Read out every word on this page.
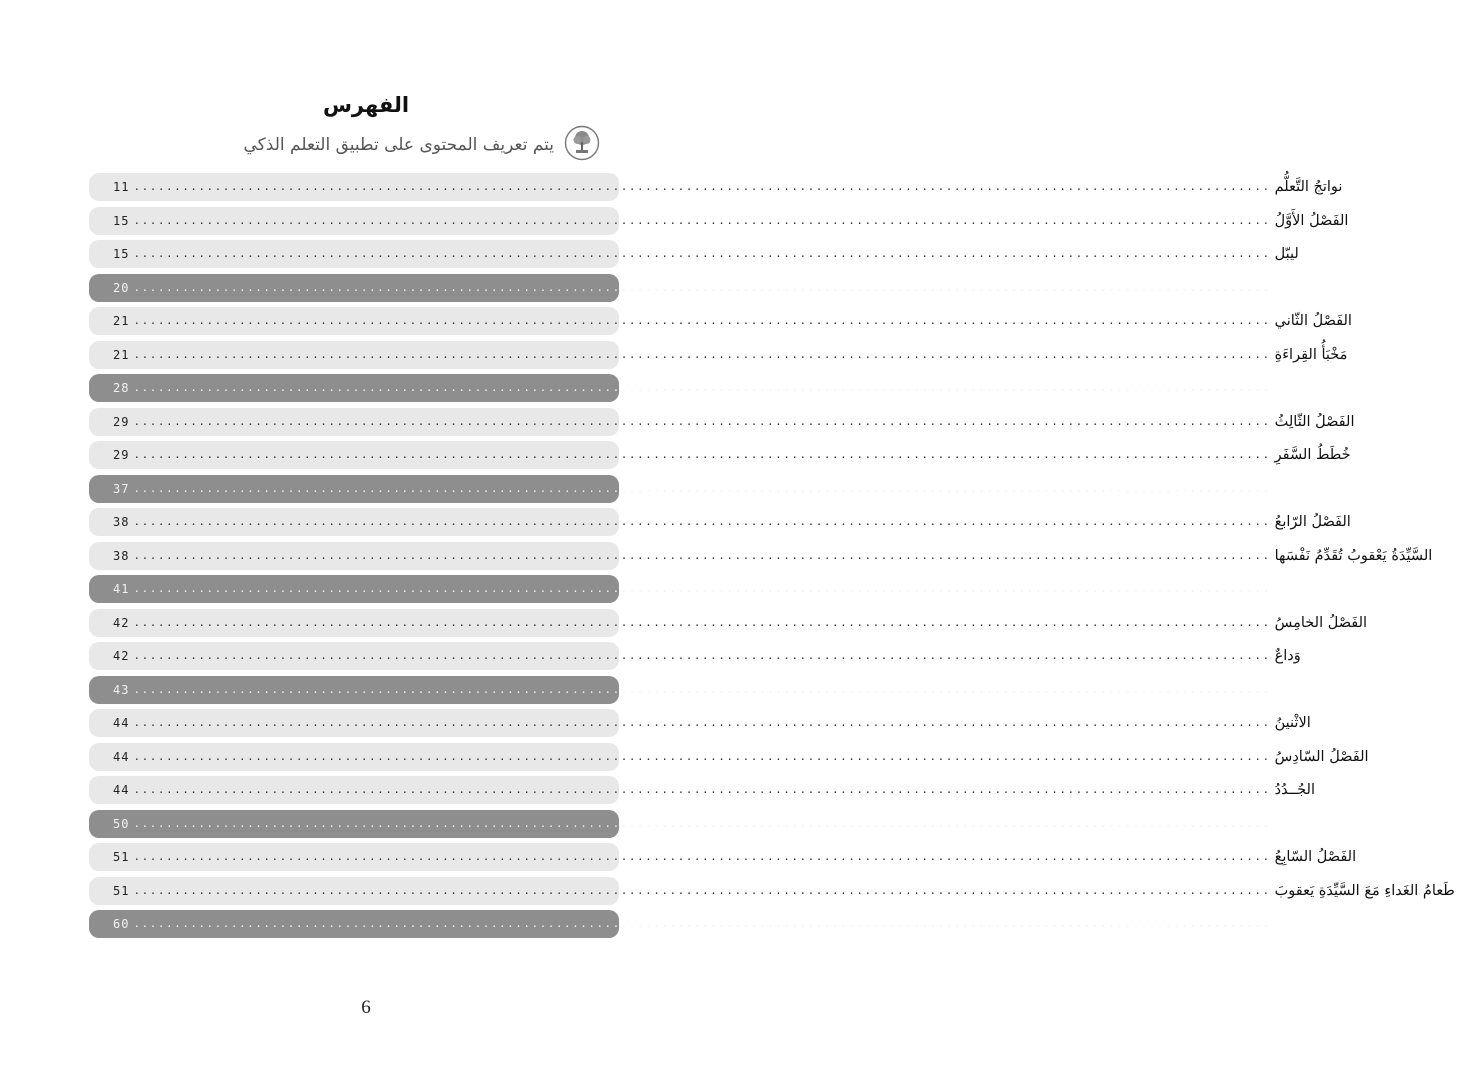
الفهرس
يتم تعريف المحتوى على تطبيق التعلم الذكي
11 ............................................................................................................................................ نواتجُ التَّعلُّم
15 ............................................................................................................................................ الفَصْلُ الأَوَّلُ
15 ............................................................................................................................................ ليبّل
20 ............................................................................................................................................ أسئلةُ الفصل
21 ............................................................................................................................................ الفَصْلُ الثّاني
21 ............................................................................................................................................ مَخْبَأُ القِراءَةِ
28 ............................................................................................................................................ أسئلةُ الفصل
29 ............................................................................................................................................ الفَصْلُ الثّالِثُ
29 ............................................................................................................................................ خُطَطُ السَّفَرِ
37 ............................................................................................................................................ أسئلةُ الفصل
38 ............................................................................................................................................ الفَصْلُ الرّابعُ
38 ............................................................................................................................................ السَّيِّدَةُ يَعْقوبُ تُقَدِّمُ نَفْسَها
41 ............................................................................................................................................ أسئلةُ الفصل
42 ............................................................................................................................................ الفَصْلُ الخامِسُ
42 ............................................................................................................................................ وَداعٌ
43 ............................................................................................................................................ أسئلةُ الفصل
44 ............................................................................................................................................ الاثْنينُ
44 ............................................................................................................................................ الفَصْلُ السّادِسُ
44 ............................................................................................................................................ الجُــدُدُ
50 ............................................................................................................................................ أسئلةُ الفصل
51 ............................................................................................................................................ الفَصْلُ السّابِعُ
51 ............................................................................................................................................ طَعامُ الغَداءِ مَعَ السَّيِّدَةِ يَعقوبَ
60 ............................................................................................................................................ أسئلةُ الفصل
6
